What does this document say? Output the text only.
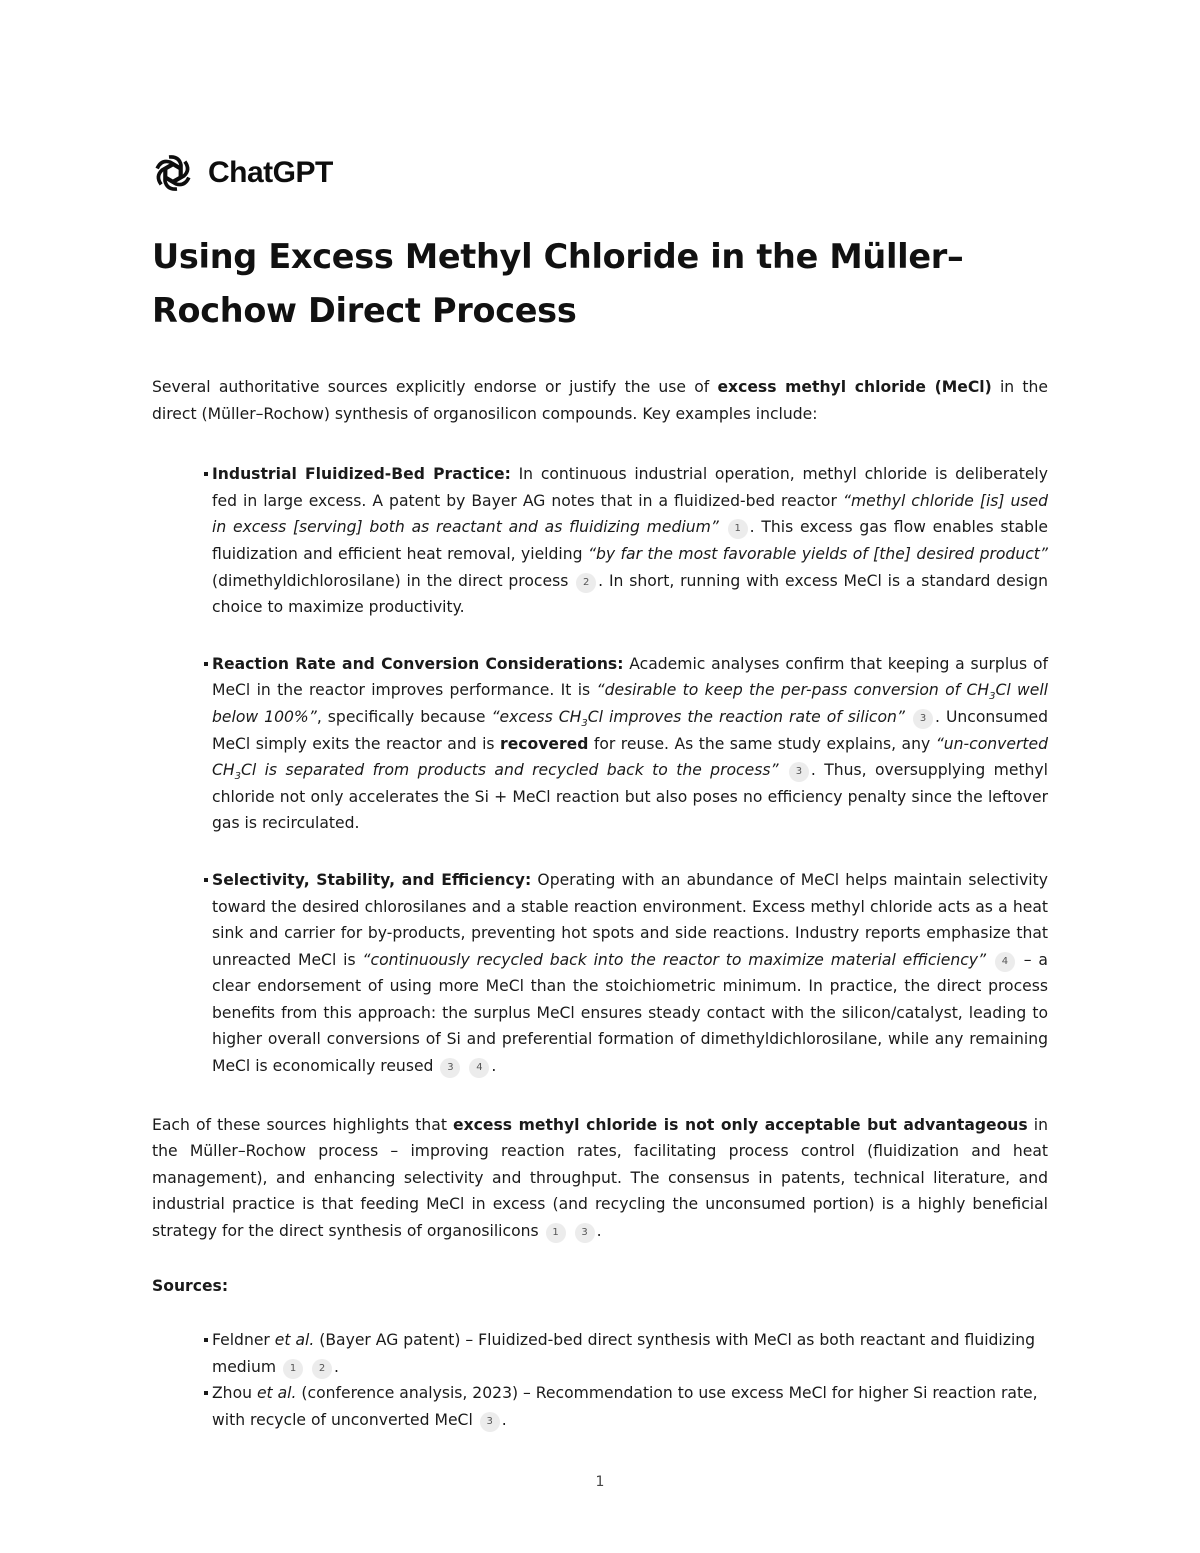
ChatGPT
Using Excess Methyl Chloride in the Müller–Rochow Direct Process

Several authoritative sources explicitly endorse or justify the use of excess methyl chloride (MeCl) in the direct (Müller–Rochow) synthesis of organosilicon compounds. Key examples include:

Industrial Fluidized-Bed Practice: In continuous industrial operation, methyl chloride is deliberately fed in large excess. A patent by Bayer AG notes that in a fluidized-bed reactor “methyl chloride [is] used in excess [serving] both as reactant and as fluidizing medium” 1 . This excess gas flow enables stable fluidization and efficient heat removal, yielding “by far the most favorable yields of [the] desired product” (dimethyldichlorosilane) in the direct process 2 . In short, running with excess MeCl is a standard design choice to maximize productivity.
Reaction Rate and Conversion Considerations: Academic analyses confirm that keeping a surplus of MeCl in the reactor improves performance. It is “desirable to keep the per-pass conversion of $CH_3Cl$ well below 100%”, specifically because “excess $CH_3Cl$ improves the reaction rate of silicon” 3 . Unconsumed MeCl simply exits the reactor and is recovered for reuse. As the same study explains, any “un-converted $CH_3Cl$ is separated from products and recycled back to the process” 3 . Thus, oversupplying methyl chloride not only accelerates the Si + MeCl reaction but also poses no efficiency penalty since the leftover gas is recirculated.
Selectivity, Stability, and Efficiency: Operating with an abundance of MeCl helps maintain selectivity toward the desired chlorosilanes and a stable reaction environment. Excess methyl chloride acts as a heat sink and carrier for by-products, preventing hot spots and side reactions. Industry reports emphasize that unreacted MeCl is “continuously recycled back into the reactor to maximize material efficiency” 4 – a clear endorsement of using more MeCl than the stoichiometric minimum. In practice, the direct process benefits from this approach: the surplus MeCl ensures steady contact with the silicon/catalyst, leading to higher overall conversions of Si and preferential formation of dimethyldichlorosilane, while any remaining MeCl is economically reused 3 4 .

Each of these sources highlights that excess methyl chloride is not only acceptable but advantageous in the Müller–Rochow process – improving reaction rates, facilitating process control (fluidization and heat management), and enhancing selectivity and throughput. The consensus in patents, technical literature, and industrial practice is that feeding MeCl in excess (and recycling the unconsumed portion) is a highly beneficial strategy for the direct synthesis of organosilicons 1 3 .

Sources:

Feldner et al. (Bayer AG patent) – Fluidized-bed direct synthesis with MeCl as both reactant and fluidizing medium 1 2 .
Zhou et al. (conference analysis, 2023) – Recommendation to use excess MeCl for higher Si reaction rate, with recycle of unconverted MeCl 3 .
1
